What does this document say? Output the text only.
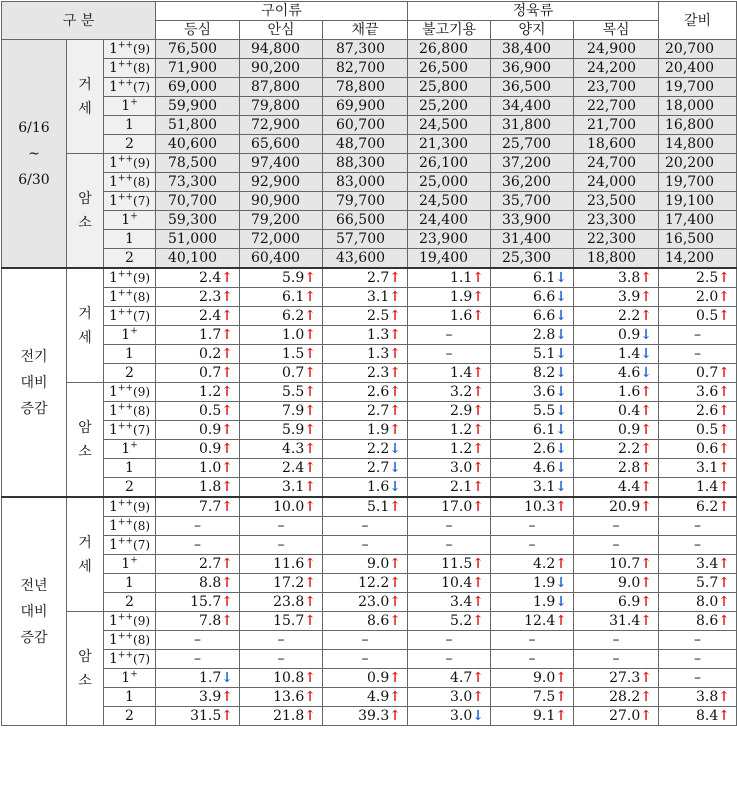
구 분			구이류			정육류			갈비
			등심	안심	채끝	불고기용	양지	목심	
6/16
~
6/30	거
세	1++(9)	76,500	94,800	87,300	26,800	38,400	24,900	20,700
		1++(8)	71,900	90,200	82,700	26,500	36,900	24,200	20,400
		1++(7)	69,000	87,800	78,800	25,800	36,500	23,700	19,700
		1+	59,900	79,800	69,900	25,200	34,400	22,700	18,000
		1	51,800	72,900	60,700	24,500	31,800	21,700	16,800
		2	40,600	65,600	48,700	21,300	25,700	18,600	14,800
	암
소	1++(9)	78,500	97,400	88,300	26,100	37,200	24,700	20,200
		1++(8)	73,300	92,900	83,000	25,000	36,200	24,000	19,700
		1++(7)	70,700	90,900	79,700	24,500	35,700	23,500	19,100
		1+	59,300	79,200	66,500	24,400	33,900	23,300	17,400
		1	51,000	72,000	57,700	23,900	31,400	22,300	16,500
		2	40,100	60,400	43,600	19,400	25,300	18,800	14,200
전기
대비
증감	거
세	1++(9)	2.4↑	5.9↑	2.7↑	1.1↑	6.1↓	3.8↑	2.5↑
		1++(8)	2.3↑	6.1↑	3.1↑	1.9↑	6.6↓	3.9↑	2.0↑
		1++(7)	2.4↑	6.2↑	2.5↑	1.6↑	6.6↓	2.2↑	0.5↑
		1+	1.7↑	1.0↑	1.3↑	–	2.8↓	0.9↓	–
		1	0.2↑	1.5↑	1.3↑	–	5.1↓	1.4↓	–
		2	0.7↑	0.7↑	2.3↑	1.4↑	8.2↓	4.6↓	0.7↑
	암
소	1++(9)	1.2↑	5.5↑	2.6↑	3.2↑	3.6↓	1.6↑	3.6↑
		1++(8)	0.5↑	7.9↑	2.7↑	2.9↑	5.5↓	0.4↑	2.6↑
		1++(7)	0.9↑	5.9↑	1.9↑	1.2↑	6.1↓	0.9↑	0.5↑
		1+	0.9↑	4.3↑	2.2↓	1.2↑	2.6↓	2.2↑	0.6↑
		1	1.0↑	2.4↑	2.7↓	3.0↑	4.6↓	2.8↑	3.1↑
		2	1.8↑	3.1↑	1.6↓	2.1↑	3.1↓	4.4↑	1.4↑
전년
대비
증감	거
세	1++(9)	7.7↑	10.0↑	5.1↑	17.0↑	10.3↑	20.9↑	6.2↑
		1++(8)	–	–	–	–	–	–	–
		1++(7)	–	–	–	–	–	–	–
		1+	2.7↑	11.6↑	9.0↑	11.5↑	4.2↑	10.7↑	3.4↑
		1	8.8↑	17.2↑	12.2↑	10.4↑	1.9↓	9.0↑	5.7↑
		2	15.7↑	23.8↑	23.0↑	3.4↑	1.9↓	6.9↑	8.0↑
	암
소	1++(9)	7.8↑	15.7↑	8.6↑	5.2↑	12.4↑	31.4↑	8.6↑
		1++(8)	–	–	–	–	–	–	–
		1++(7)	–	–	–	–	–	–	–
		1+	1.7↓	10.8↑	0.9↑	4.7↑	9.0↑	27.3↑	–
		1	3.9↑	13.6↑	4.9↑	3.0↑	7.5↑	28.2↑	3.8↑
		2	31.5↑	21.8↑	39.3↑	3.0↓	9.1↑	27.0↑	8.4↑
